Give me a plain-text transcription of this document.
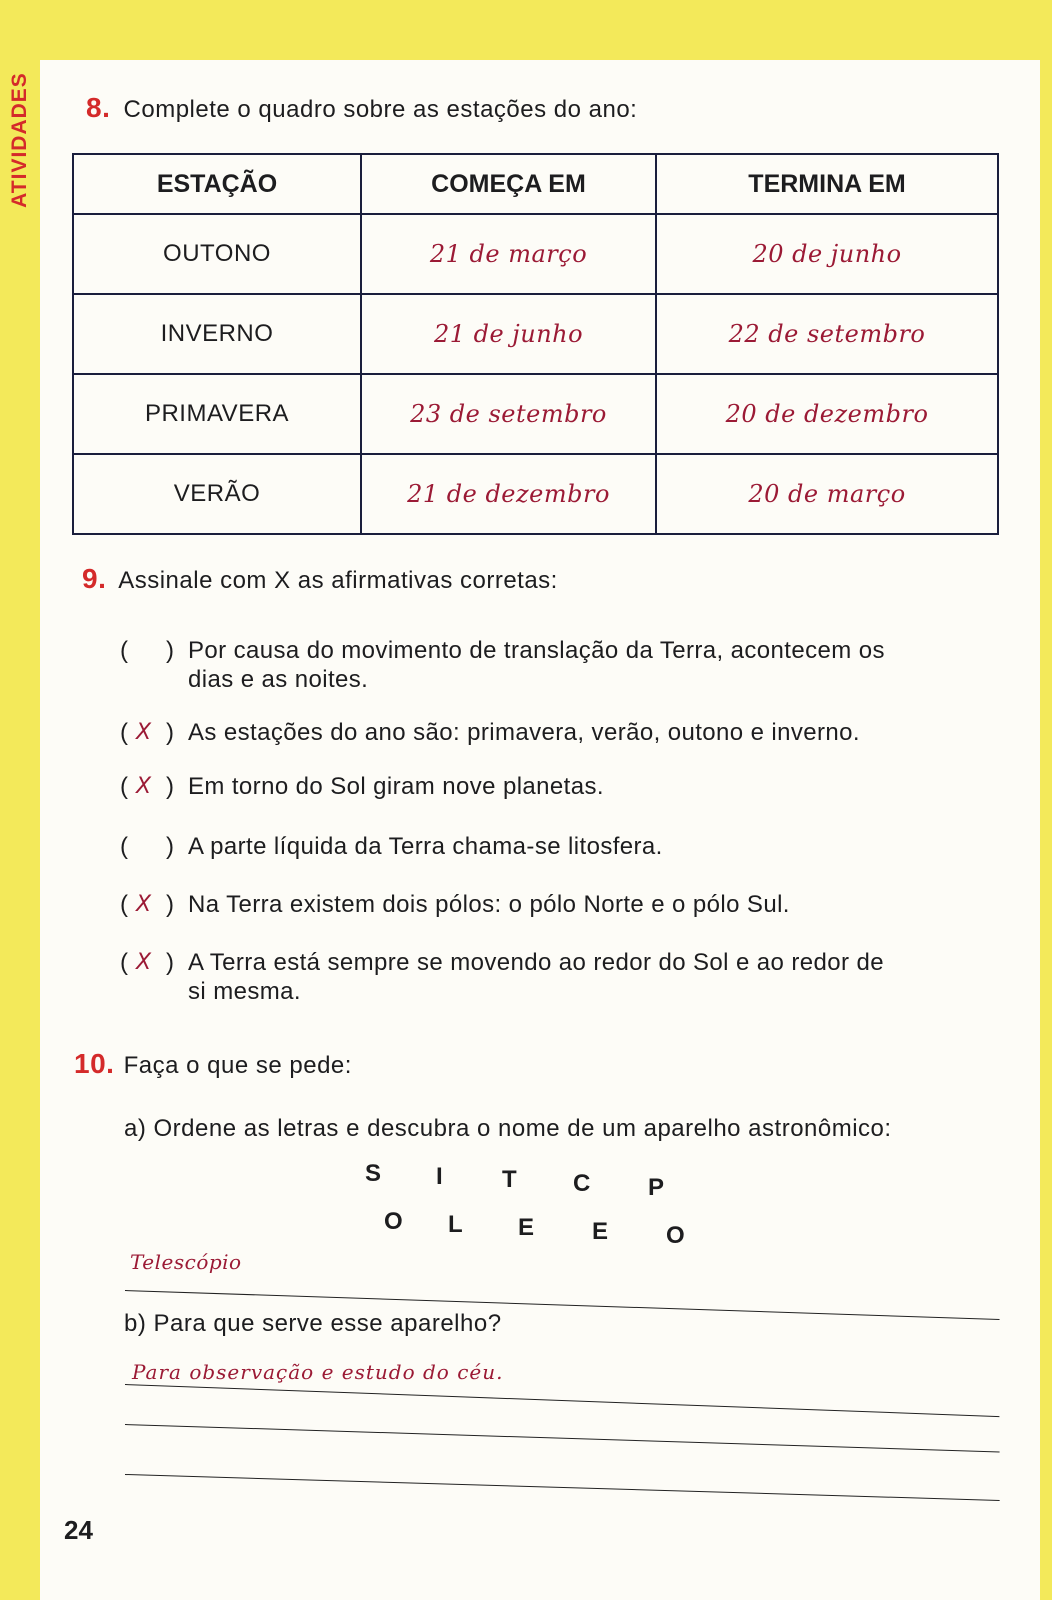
ATIVIDADES 8. Complete o quadro sobre as estações do ano:
ESTAÇÃO	COMEÇA EM	TERMINA EM
OUTONO	21 de março	20 de junho
INVERNO	21 de junho	22 de setembro
PRIMAVERA	23 de setembro	20 de dezembro
VERÃO	21 de dezembro	20 de março
9. Assinale com X as afirmativas corretas:
( ) Por causa do movimento de translação da Terra, acontecem os
dias e as noites.
( X ) As estações do ano são: primavera, verão, outono e inverno.
( X ) Em torno do Sol giram nove planetas.
( ) A parte líquida da Terra chama-se litosfera.
( X ) Na Terra existem dois pólos: o pólo Norte e o pólo Sul.
( X ) A Terra está sempre se movendo ao redor do Sol e ao redor de
si mesma.
10. Faça o que se pede:
a) Ordene as letras e descubra o nome de um aparelho astronômico:
S I T C P
O L E E O
Telescópio
b) Para que serve esse aparelho?
Para observação e estudo do céu.
24
